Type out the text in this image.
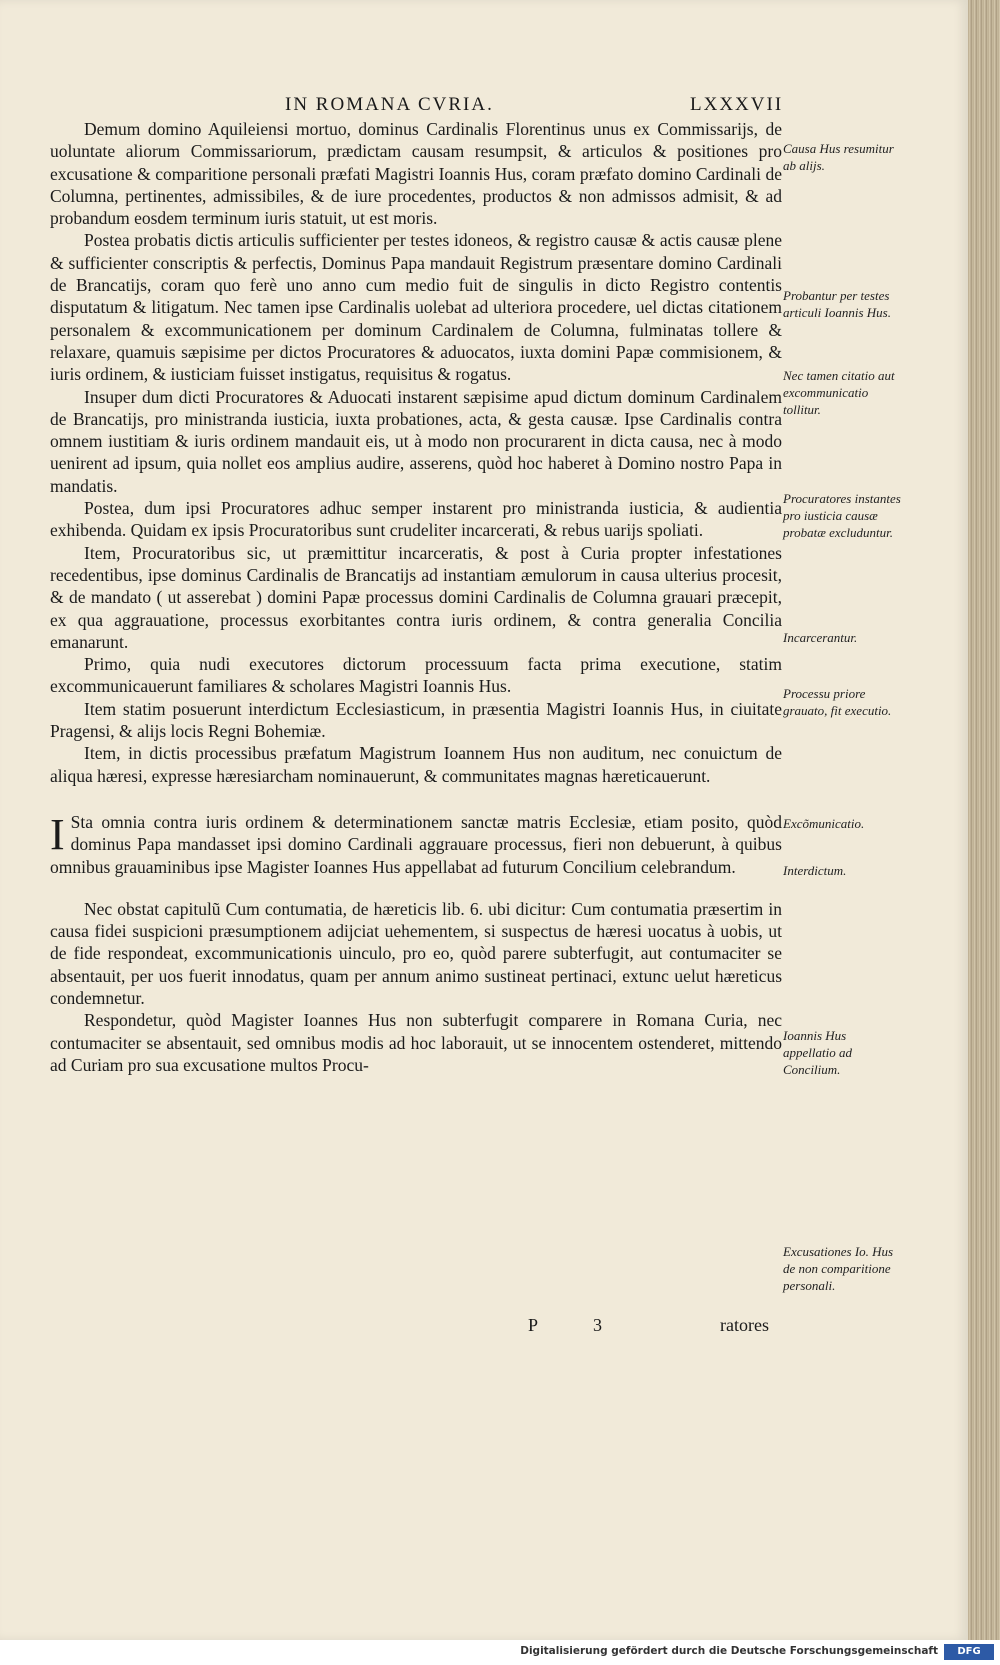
IN ROMANA CVRIA.	LXXXVII

Demum domino Aquileiensi mortuo, dominus Cardinalis Florentinus unus ex Commissarijs, de uoluntate aliorum Commissariorum, prædictam causam resumpsit, & articulos & positiones pro excusatione & comparitione personali præfati Magistri Ioannis Hus, coram præfato domino Cardinali de Columna, pertinentes, admissibiles, & de iure procedentes, productos & non admissos admisit, & ad probandum eosdem terminum iuris statuit, ut est moris.

Postea probatis dictis articulis sufficienter per testes idoneos, & registro causæ & actis causæ plene & sufficienter conscriptis & perfectis, Dominus Papa mandauit Registrum præsentare domino Cardinali de Brancatijs, coram quo ferè uno anno cum medio fuit de singulis in dicto Registro contentis disputatum & litigatum. Nec tamen ipse Cardinalis uolebat ad ulteriora procedere, uel dictas citationem personalem & excommunicationem per dominum Cardinalem de Columna, fulminatas tollere & relaxare, quamuis sæpisime per dictos Procuratores & aduocatos, iuxta domini Papæ commisionem, & iuris ordinem, & iusticiam fuisset instigatus, requisitus & rogatus.

Insuper dum dicti Procuratores & Aduocati instarent sæpisime apud dictum dominum Cardinalem de Brancatijs, pro ministranda iusticia, iuxta probationes, acta, & gesta causæ. Ipse Cardinalis contra omnem iustitiam & iuris ordinem mandauit eis, ut à modo non procurarent in dicta causa, nec à modo uenirent ad ipsum, quia nollet eos amplius audire, asserens, quòd hoc haberet à Domino nostro Papa in mandatis.

Postea, dum ipsi Procuratores adhuc semper instarent pro ministranda iusticia, & audientia exhibenda. Quidam ex ipsis Procuratoribus sunt crudeliter incarcerati, & rebus uarijs spoliati.

Item, Procuratoribus sic, ut præmittitur incarceratis, & post à Curia propter infestationes recedentibus, ipse dominus Cardinalis de Brancatijs ad instantiam æmulorum in causa ulterius procesit, & de mandato ( ut asserebat ) domini Papæ processus domini Cardinalis de Columna grauari præcepit, ex qua aggrauatione, processus exorbitantes contra iuris ordinem, & contra generalia Concilia emanarunt.

Primo, quia nudi executores dictorum processuum facta prima executione, statim excommunicauerunt familiares & scholares Magistri Ioannis Hus.

Item statim posuerunt interdictum Ecclesiasticum, in præsentia Magistri Ioannis Hus, in ciuitate Pragensi, & alijs locis Regni Bohemiæ.

Item, in dictis processibus præfatum Magistrum Ioannem Hus non auditum, nec conuictum de aliqua hæresi, expresse hæresiarcham nominauerunt, & communitates magnas hæreticauerunt.

I Sta omnia contra iuris ordinem & determinationem sanctæ matris Ecclesiæ, etiam posito, quòd dominus Papa mandasset ipsi domino Cardinali aggrauare processus, fieri non debuerunt, à quibus omnibus grauaminibus ipse Magister Ioannes Hus appellabat ad futurum Concilium celebrandum.

Nec obstat capitulũ Cum contumatia, de hæreticis lib. 6. ubi dicitur: Cum contumatia præsertim in causa fidei suspicioni præsumptionem adijciat uehementem, si suspectus de hæresi uocatus à uobis, ut de fide respondeat, excommunicationis uinculo, pro eo, quòd parere subterfugit, aut contumaciter se absentauit, per uos fuerit innodatus, quam per annum animo sustineat pertinaci, extunc uelut hæreticus condemnetur.

Respondetur, quòd Magister Ioannes Hus non subterfugit comparere in Romana Curia, nec contumaciter se absentauit, sed omnibus modis ad hoc laborauit, ut se innocentem ostenderet, mittendo ad Curiam pro sua excusatione multos Procu-

Causa Hus resumitur ab alijs.
Probantur per testes articuli Ioannis Hus.
Nec tamen citatio aut excommunicatio tollitur.
Procuratores instantes pro iusticia causæ probatæ excluduntur.
Incarcerantur.
Processu priore grauato, fit executio.
Excõmunicatio.
Interdictum.
Ioannis Hus appellatio ad Concilium.
Excusationes Io. Hus de non comparitione personali.
P	3	ratores
Digitalisierung gefördert durch die Deutsche Forschungsgemeinschaft	DFG
